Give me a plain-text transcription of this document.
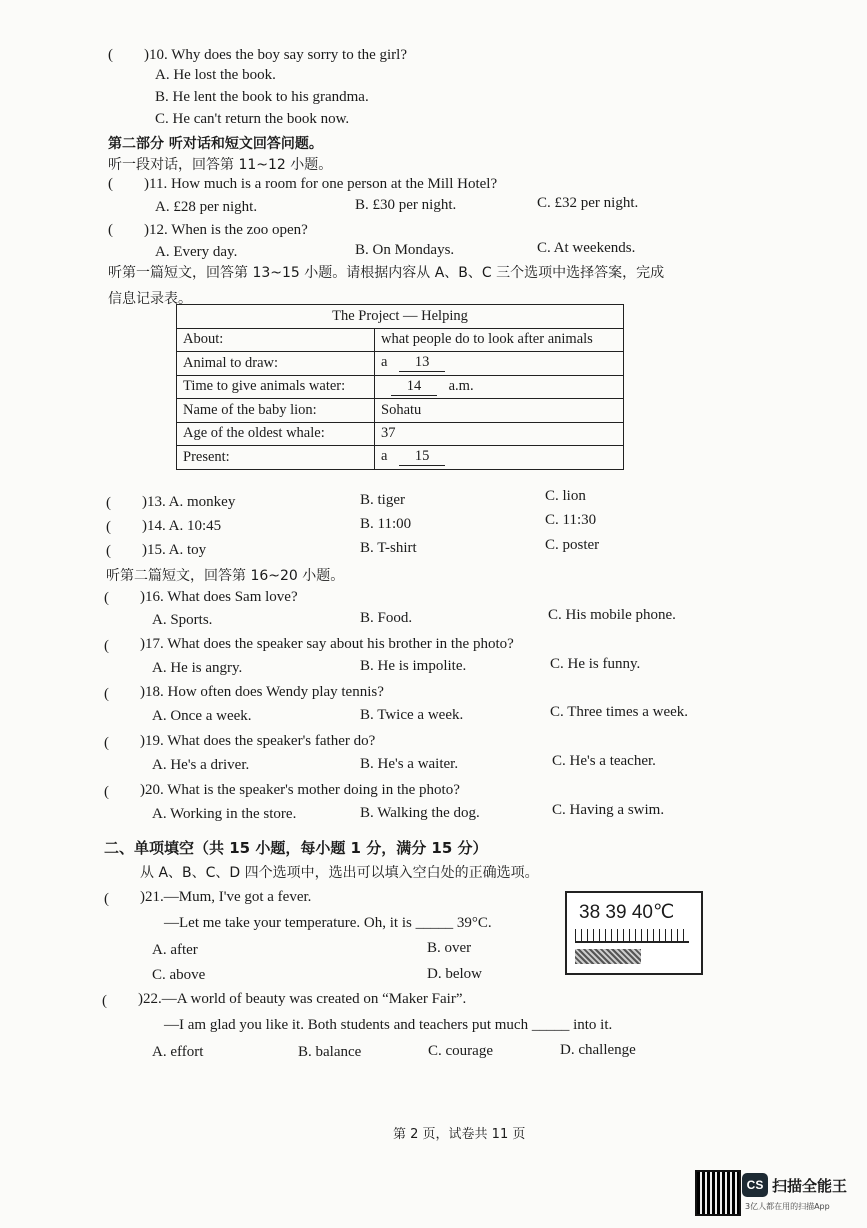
( )10. Why does the boy say sorry to the girl?
A. He lost the book.
B. He lent the book to his grandma.
C. He can't return the book now.
第二部分 听对话和短文回答问题。
听一段对话，回答第 11~12 小题。
( )11. How much is a room for one person at the Mill Hotel?
A. £28 per night.	B. £30 per night.	C. £32 per night.
( )12. When is the zoo open?
A. Every day.	B. On Mondays.	C. At weekends.
听第一篇短文，回答第 13~15 小题。请根据内容从 A、B、C 三个选项中选择答案，完成
信息记录表。
The Project — Helping	
About:	what people do to look after animals
Animal to draw:	a 13
Time to give animals water:	14 a.m.
Name of the baby lion:	Sohatu
Age of the oldest whale:	37
Present:	a 15
( )13. A. monkey	B. tiger	C. lion
( )14. A. 10:45	B. 11:00	C. 11:30
( )15. A. toy	B. T-shirt	C. poster
听第二篇短文，回答第 16~20 小题。
( )16. What does Sam love?
A. Sports.	B. Food.	C. His mobile phone.
( )17. What does the speaker say about his brother in the photo?
A. He is angry.	B. He is impolite.	C. He is funny.
( )18. How often does Wendy play tennis?
A. Once a week.	B. Twice a week.	C. Three times a week.
( )19. What does the speaker's father do?
A. He's a driver.	B. He's a waiter.	C. He's a teacher.
( )20. What is the speaker's mother doing in the photo?
A. Working in the store.	B. Walking the dog.	C. Having a swim.
二、单项填空（共 15 小题，每小题 1 分，满分 15 分）
从 A、B、C、D 四个选项中，选出可以填入空白处的正确选项。
( )21.—Mum, I've got a fever.
—Let me take your temperature. Oh, it is _____ 39°C.
A. after	B. over
C. above	D. below
38 39 40℃
( )22.—A world of beauty was created on “Maker Fair”.
—I am glad you like it. Both students and teachers put much _____ into it.
A. effort	B. balance	C. courage	D. challenge
第 2 页，试卷共 11 页
CS 扫描全能王
3亿人都在用的扫描App
